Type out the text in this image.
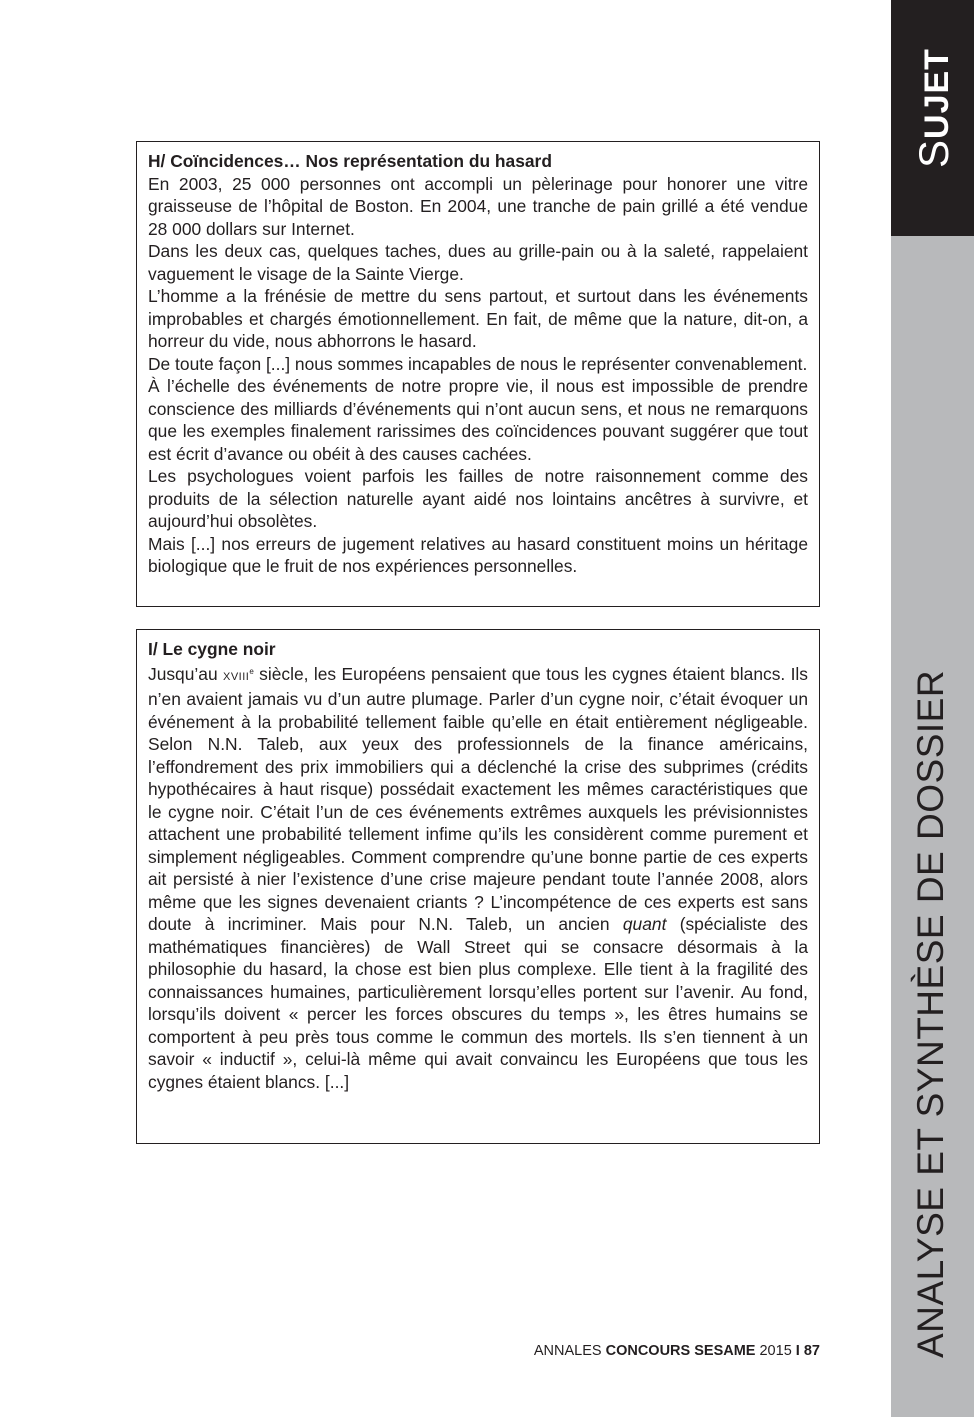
SUJET
ANALYSE ET SYNTHÈSE DE DOSSIER
H/ Coïncidences… Nos représentation du hasard

En 2003, 25 000 personnes ont accompli un pèlerinage pour honorer une vitre graisseuse de l’hôpital de Boston. En 2004, une tranche de pain grillé a été vendue 28 000 dollars sur Internet.

Dans les deux cas, quelques taches, dues au grille-pain ou à la saleté, rappelaient vaguement le visage de la Sainte Vierge.

L’homme a la frénésie de mettre du sens partout, et surtout dans les événements improbables et chargés émotionnellement. En fait, de même que la nature, dit-on, a horreur du vide, nous abhorrons le hasard.

De toute façon [...] nous sommes incapables de nous le représenter convenablement.

À l’échelle des événements de notre propre vie, il nous est impossible de prendre conscience des milliards d’événements qui n’ont aucun sens, et nous ne remarquons que les exemples finalement rarissimes des coïncidences pouvant suggérer que tout est écrit d’avance ou obéit à des causes cachées.

Les psychologues voient parfois les failles de notre raisonnement comme des produits de la sélection naturelle ayant aidé nos lointains ancêtres à survivre, et aujourd’hui obsolètes.

Mais [...] nos erreurs de jugement relatives au hasard constituent moins un héritage biologique que le fruit de nos expériences personnelles.

I/ Le cygne noir

Jusqu’au XVIIIe siècle, les Européens pensaient que tous les cygnes étaient blancs. Ils n’en avaient jamais vu d’un autre plumage. Parler d’un cygne noir, c’était évoquer un événement à la probabilité tellement faible qu’elle en était entièrement négligeable. Selon N.N. Taleb, aux yeux des professionnels de la finance américains, l’effondrement des prix immobiliers qui a déclenché la crise des subprimes (crédits hypothécaires à haut risque) possédait exactement les mêmes caractéristiques que le cygne noir. C’était l’un de ces événements extrêmes auxquels les prévisionnistes attachent une probabilité tellement infime qu’ils les considèrent comme purement et simplement négligeables. Comment comprendre qu’une bonne partie de ces experts ait persisté à nier l’existence d’une crise majeure pendant toute l’année 2008, alors même que les signes devenaient criants ? L’incompétence de ces experts est sans doute à incriminer. Mais pour N.N. Taleb, un ancien quant (spécialiste des mathématiques financières) de Wall Street qui se consacre désormais à la philosophie du hasard, la chose est bien plus complexe. Elle tient à la fragilité des connaissances humaines, particulièrement lorsqu’elles portent sur l’avenir. Au fond, lorsqu’ils doivent « percer les forces obscures du temps », les êtres humains se comportent à peu près tous comme le commun des mortels. Ils s’en tiennent à un savoir « inductif », celui-là même qui avait convaincu les Européens que tous les cygnes étaient blancs. [...]

ANNALES CONCOURS SESAME 2015 I 87
